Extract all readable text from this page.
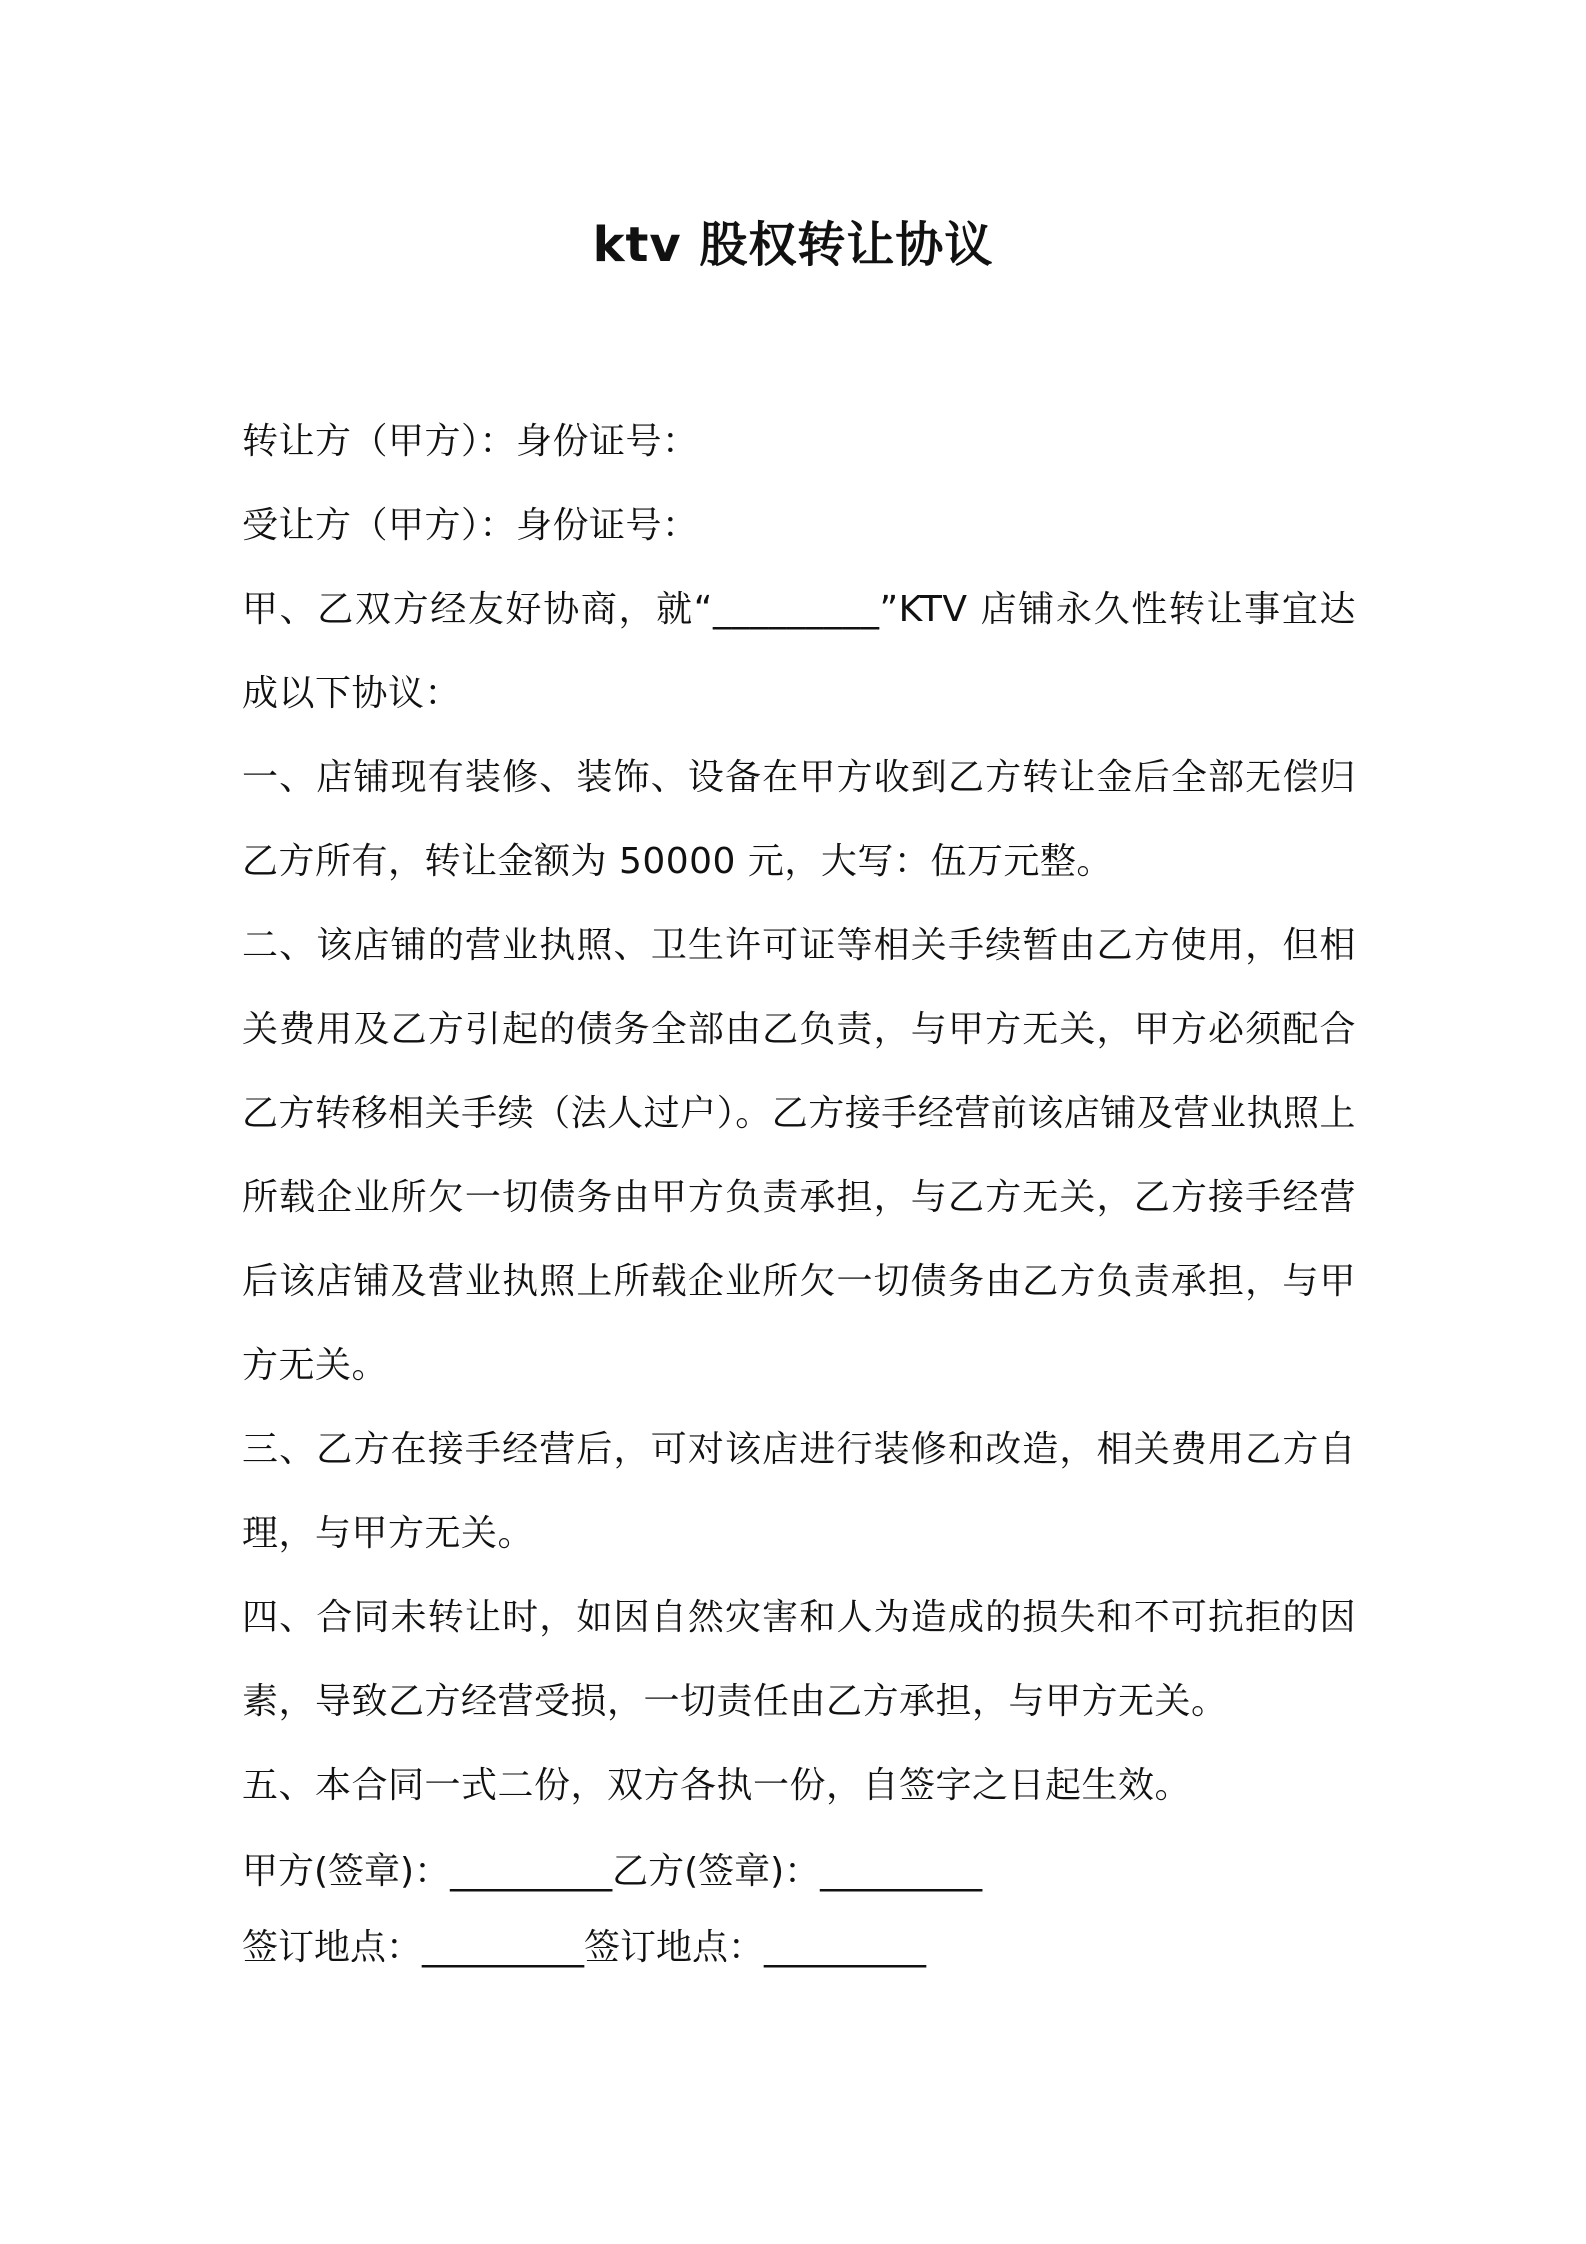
ktv 股权转让协议

转让方（甲方）：身份证号：

受让方（甲方）：身份证号：

甲、乙双方经友好协商，就“_________”KTV 店铺永久性转让事宜达成以下协议：

一、店铺现有装修、装饰、设备在甲方收到乙方转让金后全部无偿归乙方所有，转让金额为 50000 元，大写：伍万元整。

二、该店铺的营业执照、卫生许可证等相关手续暂由乙方使用，但相关费用及乙方引起的债务全部由乙负责，与甲方无关，甲方必须配合乙方转移相关手续（法人过户）。乙方接手经营前该店铺及营业执照上所载企业所欠一切债务由甲方负责承担，与乙方无关，乙方接手经营后该店铺及营业执照上所载企业所欠一切债务由乙方负责承担，与甲方无关。

三、乙方在接手经营后，可对该店进行装修和改造，相关费用乙方自理，与甲方无关。

四、合同未转让时，如因自然灾害和人为造成的损失和不可抗拒的因素，导致乙方经营受损，一切责任由乙方承担，与甲方无关。

五、本合同一式二份，双方各执一份，自签字之日起生效。

甲方(签章)：_________乙方(签章)：_________
签订地点：_________签订地点：_________
